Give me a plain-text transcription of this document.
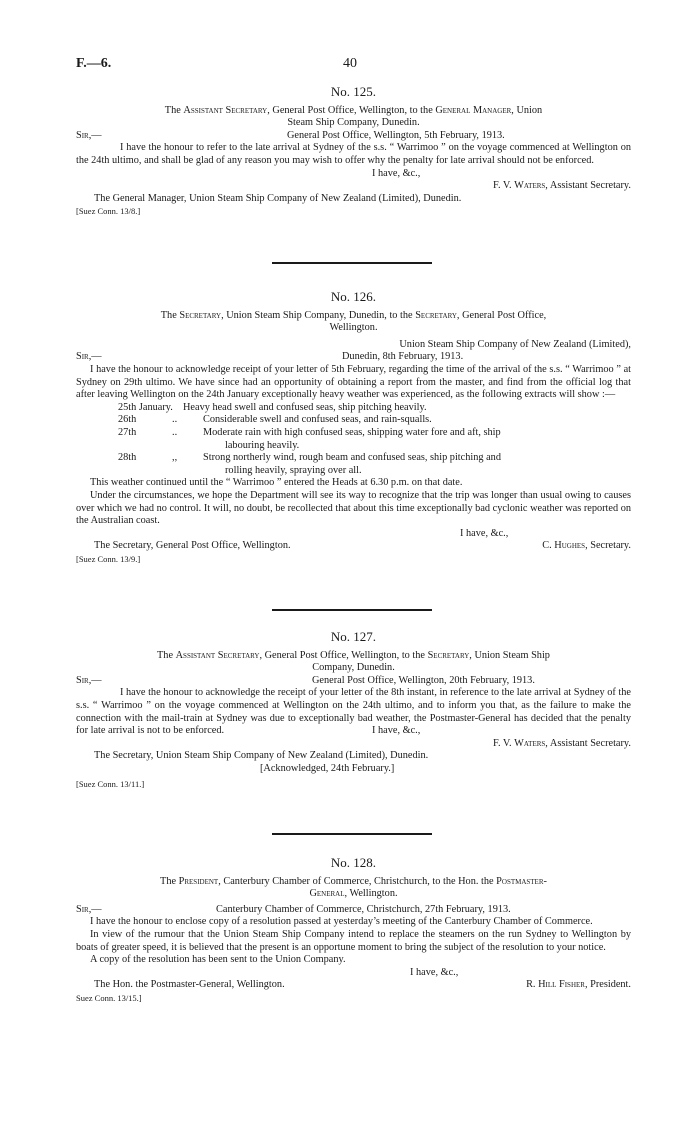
F.—6.	40
No. 125.
The Assistant Secretary, General Post Office, Wellington, to the General Manager, Union
Steam Ship Company, Dunedin.
Sir,—	General Post Office, Wellington, 5th February, 1913.

I have the honour to refer to the late arrival at Sydney of the s.s. “ Warrimoo ” on the voyage commenced at Wellington on the 24th ultimo, and shall be glad of any reason you may wish to offer why the penalty for late arrival should not be enforced.

I have, &c.,
F. V. Waters, Assistant Secretary.
The General Manager, Union Steam Ship Company of New Zealand (Limited), Dunedin.
[Suez Conn. 13/8.]
No. 126.
The Secretary, Union Steam Ship Company, Dunedin, to the Secretary, General Post Office,
Wellington.
Union Steam Ship Company of New Zealand (Limited),
Sir,—	Dunedin, 8th February, 1913.

I have the honour to acknowledge receipt of your letter of 5th February, regarding the time of the arrival of the s.s. “ Warrimoo ” at Sydney on 29th ultimo. We have since had an opportunity of obtaining a report from the master, and find from the official log that after leaving Wellington on the 24th January exceptionally heavy weather was experienced, as the following extracts will show :—

25th January. Heavy head swell and confused seas, ship pitching heavily.
26th	..	Considerable swell and confused seas, and rain-squalls.
27th	..	Moderate rain with high confused seas, shipping water fore and aft, ship
labouring heavily.
28th	,,	Strong northerly wind, rough beam and confused seas, ship pitching and
rolling heavily, spraying over all.

This weather continued until the “ Warrimoo ” entered the Heads at 6.30 p.m. on that date.

Under the circumstances, we hope the Department will see its way to recognize that the trip was longer than usual owing to causes over which we had no control. It will, no doubt, be recollected that about this time exceptionally bad cyclonic weather was reported on the Australian coast.

I have, &c.,
The Secretary, General Post Office, Wellington.	C. Hughes, Secretary.
[Suez Conn. 13/9.]
No. 127.
The Assistant Secretary, General Post Office, Wellington, to the Secretary, Union Steam Ship
Company, Dunedin.
Sir,—	General Post Office, Wellington, 20th February, 1913.

I have the honour to acknowledge the receipt of your letter of the 8th instant, in reference to the late arrival at Sydney of the s.s. “ Warrimoo ” on the voyage commenced at Wellington on the 24th ultimo, and to inform you that, as the failure to make the connection with the mail-train at Sydney was due to exceptionally bad weather, the Postmaster-General has decided that the penalty for late arrival is not to be enforced.	I have, &c.,
F. V. Waters, Assistant Secretary.
The Secretary, Union Steam Ship Company of New Zealand (Limited), Dunedin.
[Acknowledged, 24th February.]
[Suez Conn. 13/11.]
No. 128.
The President, Canterbury Chamber of Commerce, Christchurch, to the Hon. the Postmaster-
General, Wellington.
Sir,—	Canterbury Chamber of Commerce, Christchurch, 27th February, 1913.

I have the honour to enclose copy of a resolution passed at yesterday’s meeting of the Canterbury Chamber of Commerce.

In view of the rumour that the Union Steam Ship Company intend to replace the steamers on the run Sydney to Wellington by boats of greater speed, it is believed that the present is an opportune moment to bring the subject of the resolution to your notice.

A copy of the resolution has been sent to the Union Company.

I have, &c.,
The Hon. the Postmaster-General, Wellington.	R. Hill Fisher, President.
Suez Conn. 13/15.]
